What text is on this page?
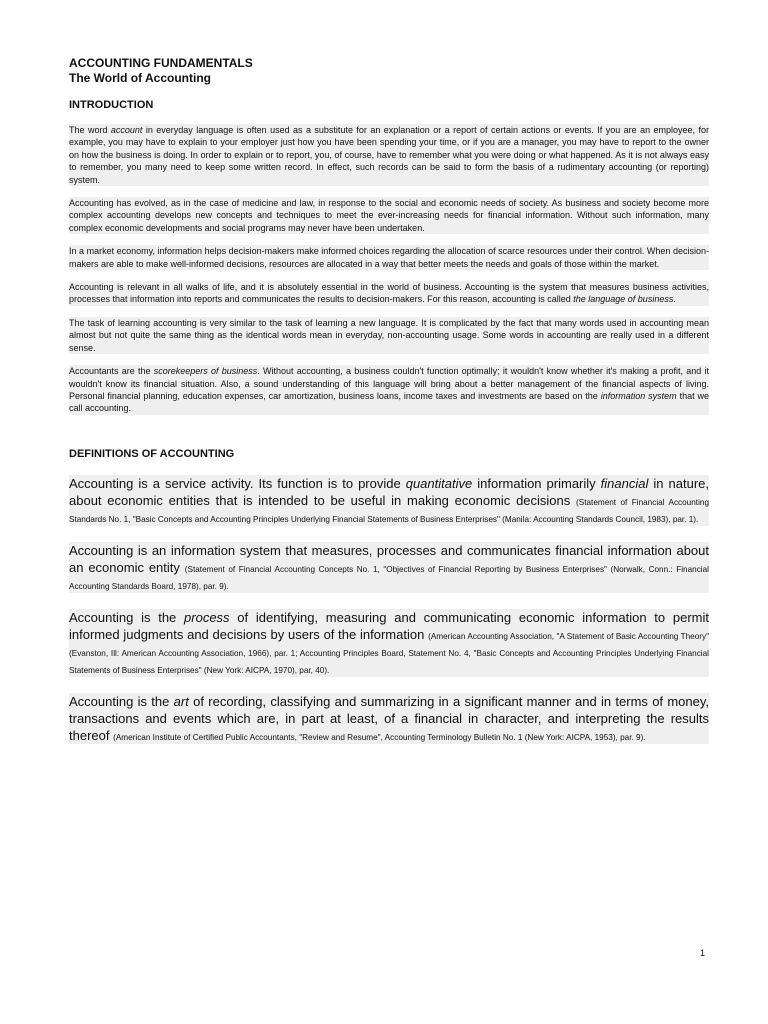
ACCOUNTING FUNDAMENTALS
The World of Accounting
INTRODUCTION

The word account in everyday language is often used as a substitute for an explanation or a report of certain actions or events. If you are an employee, for example, you may have to explain to your employer just how you have been spending your time, or if you are a manager, you may have to report to the owner on how the business is doing. In order to explain or to report, you, of course, have to remember what you were doing or what happened. As it is not always easy to remember, you many need to keep some written record. In effect, such records can be said to form the basis of a rudimentary accounting (or reporting) system.

Accounting has evolved, as in the case of medicine and law, in response to the social and economic needs of society. As business and society become more complex accounting develops new concepts and techniques to meet the ever-increasing needs for financial information. Without such information, many complex economic developments and social programs may never have been undertaken.

In a market economy, information helps decision-makers make informed choices regarding the allocation of scarce resources under their control. When decision-makers are able to make well-informed decisions, resources are allocated in a way that better meets the needs and goals of those within the market.

Accounting is relevant in all walks of life, and it is absolutely essential in the world of business. Accounting is the system that measures business activities, processes that information into reports and communicates the results to decision-makers. For this reason, accounting is called the language of business.

The task of learning accounting is very similar to the task of learning a new language. It is complicated by the fact that many words used in accounting mean almost but not quite the same thing as the identical words mean in everyday, non-accounting usage. Some words in accounting are really used in a different sense.

Accountants are the scorekeepers of business. Without accounting, a business couldn't function optimally; it wouldn't know whether it's making a profit, and it wouldn't know its financial situation. Also, a sound understanding of this language will bring about a better management of the financial aspects of living. Personal financial planning, education expenses, car amortization, business loans, income taxes and investments are based on the information system that we call accounting.

DEFINITIONS OF ACCOUNTING

Accounting is a service activity. Its function is to provide quantitative information primarily financial in nature, about economic entities that is intended to be useful in making economic decisions (Statement of Financial Accounting Standards No. 1, "Basic Concepts and Accounting Principles Underlying Financial Statements of Business Enterprises" (Manila: Accounting Standards Council, 1983), par. 1).

Accounting is an information system that measures, processes and communicates financial information about an economic entity (Statement of Financial Accounting Concepts No. 1, "Objectives of Financial Reporting by Business Enterprises" (Norwalk, Conn.: Financial Accounting Standards Board, 1978), par. 9).

Accounting is the process of identifying, measuring and communicating economic information to permit informed judgments and decisions by users of the information (American Accounting Association, "A Statement of Basic Accounting Theory" (Evanston, Ill: American Accounting Association, 1966), par. 1; Accounting Principles Board, Statement No. 4, "Basic Concepts and Accounting Principles Underlying Financial Statements of Business Enterprises" (New York: AICPA, 1970), par, 40).

Accounting is the art of recording, classifying and summarizing in a significant manner and in terms of money, transactions and events which are, in part at least, of a financial in character, and interpreting the results thereof (American Institute of Certified Public Accountants, "Review and Resume", Accounting Terminology Bulletin No. 1 (New York: AICPA, 1953), par. 9).

1
